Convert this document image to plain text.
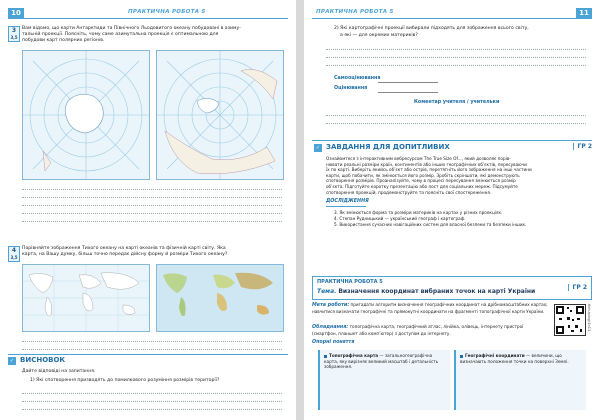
10	ПРАКТИЧНА РОБОТА 5
3
3,5
Вам відомо, що карти Антарктиди та Північного Льодовитого океану побудовані в азиму-
тальній проекції. Поясніть, чому саме азимутальна проекція є оптимальною для
побудови карт полярних регіонів.
4
3,5
Порівняйте зображення Тихого океану на карті океанів та фізичній карті світу. Яка
карта, на Вашу думку, більш точно передає дійсну форму й розміри Тихого океану?
✓ ВИСНОВОК
Дайте відповіді на запитання.
1) Які спотворення призводять до помилкового розуміння розмірів території?
ПРАКТИЧНА РОБОТА 5	11
2) Які картографічні проекції вибирали підходять для зображення всього світу,
а які — для окремих материків?
Самооцінювання
Оцінювання
Коментар учителя / учительки
✓ ЗАВДАННЯ ДЛЯ ДОПИТЛИВИХ	ГР 2
Ознайомтеся з інтерактивним вебресурсом The True Size Of..., який дозволяє порів-
нювати реальні розміри країн, континентів або інших географічних об’єктів, пересуваючи
їх по карті. Виберіть якийсь об’єкт або острів, перетягніть його зображення на інші частини
карти, щоб побачити, як змінюється його розмір. Зробіть скріншоти, які демонструють
спотворення розмірів. Проаналізуйте, чому в процесі пересування змінюється розмір
об’єкта. Підготуйте коротку презентацію або пост для соціальних мереж. Підсумуйте
спотворення проекцій, продемонструйте та поясніть свої спостереження.
ДОСЛІДЖЕННЯ
3. Як змінюється форма та розміри материків на картах у різних проекціях.
4. Степан Рудницький — український географ і картограф.
5. Використання сучасних навігаційних систем для власної безпеки та безпеки інших.
ПРАКТИЧНА РОБОТА 5
Тема. Визначення координат вибраних точок на карті України
ГР 2
Мета роботи: пригадати алгоритм визначення географічних координат на дрібномасштабних картах; навчитися визначати географічні та прямокутні координати на фрагменті топографічної карти України.
Обладнання: топографічна карта, географічний атлас, лінійка, олівець, інтернету пристрої (смартфон, планшет або комп’ютер) з доступом до інтернету.
6dh-tplogr1h11
Опорні поняття
Топографічна карта — загальногеографічна карта, яку вирізняє великий масштаб і детальність зображення.
Географічні координати — величини, що визначають положення точки на поверхні Землі.
